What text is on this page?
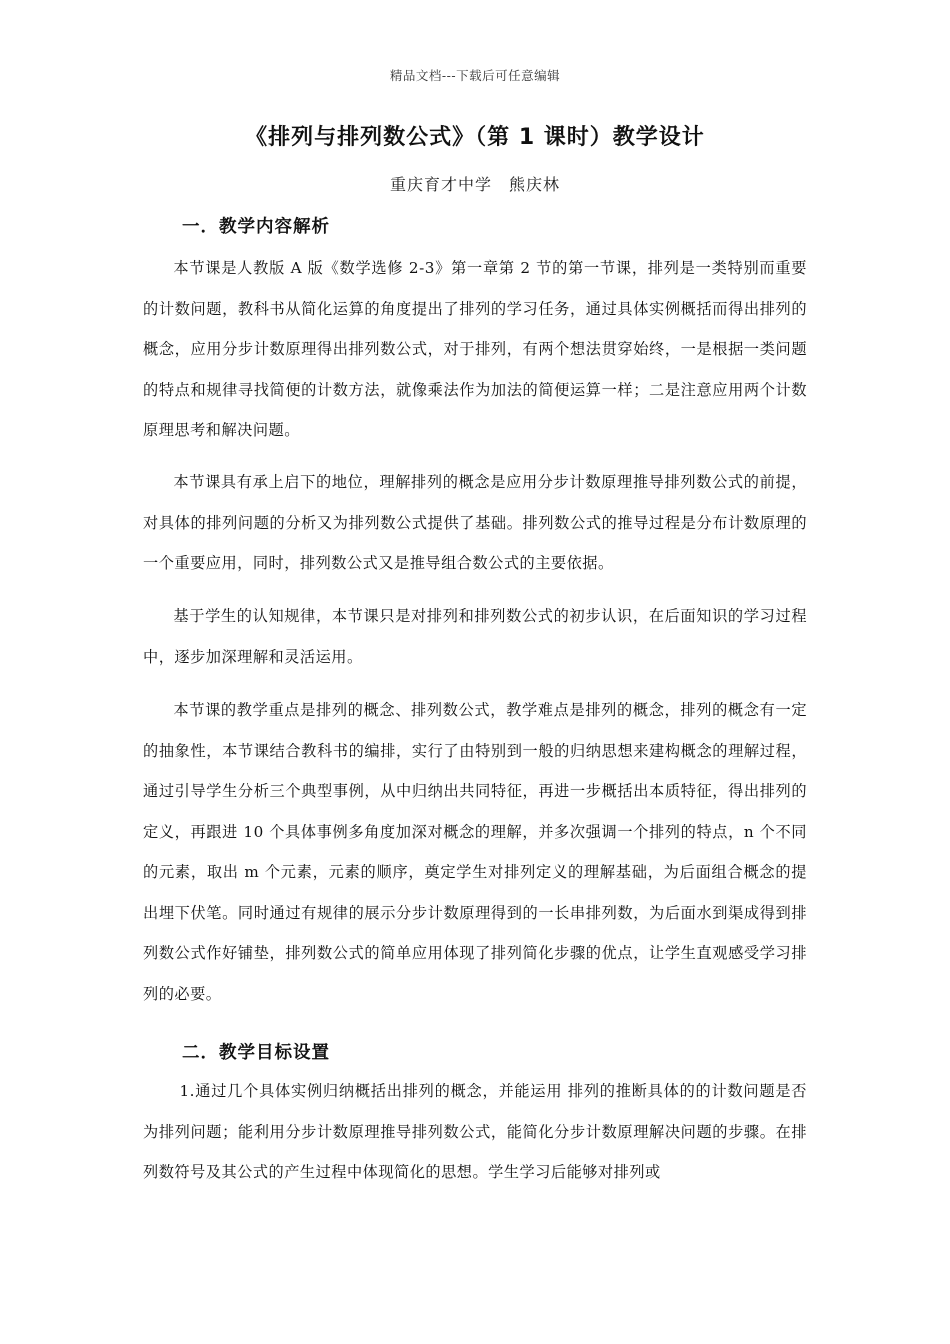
精品文档---下载后可任意编辑
《排列与排列数公式》（第 1 课时）教学设计
重庆育才中学　熊庆林
一．教学内容解析
本节课是人教版 A 版《数学选修 2-3》第一章第 2 节的第一节课，排列是一类特别而重要的计数问题，教科书从简化运算的角度提出了排列的学习任务，通过具体实例概括而得出排列的概念，应用分步计数原理得出排列数公式，对于排列，有两个想法贯穿始终，一是根据一类问题的特点和规律寻找简便的计数方法，就像乘法作为加法的简便运算一样；二是注意应用两个计数原理思考和解决问题。
本节课具有承上启下的地位，理解排列的概念是应用分步计数原理推导排列数公式的前提，对具体的排列问题的分析又为排列数公式提供了基础。排列数公式的推导过程是分布计数原理的一个重要应用，同时，排列数公式又是推导组合数公式的主要依据。
基于学生的认知规律，本节课只是对排列和排列数公式的初步认识，在后面知识的学习过程中，逐步加深理解和灵活运用。
本节课的教学重点是排列的概念、排列数公式，教学难点是排列的概念，排列的概念有一定的抽象性，本节课结合教科书的编排，实行了由特别到一般的归纳思想来建构概念的理解过程，通过引导学生分析三个典型事例，从中归纳出共同特征，再进一步概括出本质特征，得出排列的定义，再跟进 10 个具体事例多角度加深对概念的理解，并多次强调一个排列的特点，n 个不同的元素，取出 m 个元素，元素的顺序，奠定学生对排列定义的理解基础，为后面组合概念的提出埋下伏笔。同时通过有规律的展示分步计数原理得到的一长串排列数，为后面水到渠成得到排列数公式作好铺垫，排列数公式的简单应用体现了排列简化步骤的优点，让学生直观感受学习排列的必要。
二．教学目标设置
1.通过几个具体实例归纳概括出排列的概念，并能运用 排列的推断具体的的计数问题是否为排列问题；能利用分步计数原理推导排列数公式，能简化分步计数原理解决问题的步骤。在排列数符号及其公式的产生过程中体现简化的思想。学生学习后能够对排列或
